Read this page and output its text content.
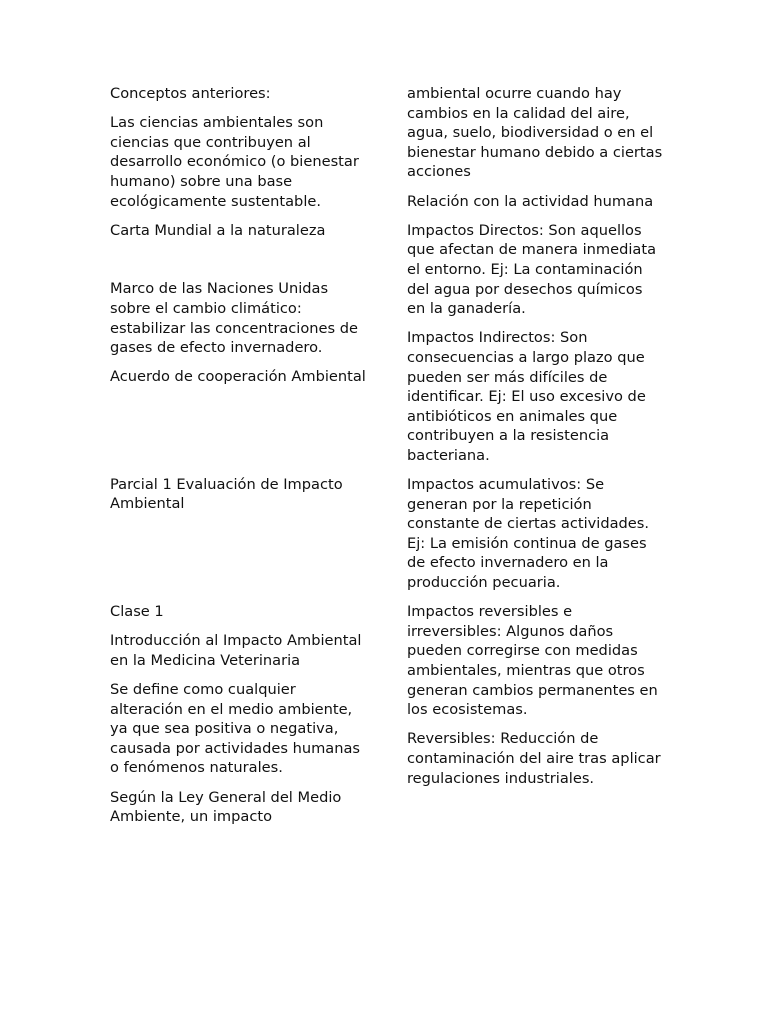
Conceptos anteriores:

Las ciencias ambientales son ciencias que contribuyen al desarrollo económico (o bienestar humano) sobre una base ecológicamente sustentable.

Carta Mundial a la naturaleza

Marco de las Naciones Unidas sobre el cambio climático: estabilizar las concentraciones de gases de efecto invernadero.

Acuerdo de cooperación Ambiental

Parcial 1 Evaluación de Impacto Ambiental

Clase 1

Introducción al Impacto Ambiental en la Medicina Veterinaria

Se define como cualquier alteración en el medio ambiente, ya que sea positiva o negativa, causada por actividades humanas o fenómenos naturales.

Según la Ley General del Medio Ambiente, un impacto

ambiental ocurre cuando hay cambios en la calidad del aire, agua, suelo, biodiversidad o en el bienestar humano debido a ciertas acciones

Relación con la actividad humana

Impactos Directos: Son aquellos que afectan de manera inmediata el entorno. Ej: La contaminación del agua por desechos químicos en la ganadería.

Impactos Indirectos: Son consecuencias a largo plazo que pueden ser más difíciles de identificar. Ej: El uso excesivo de antibióticos en animales que contribuyen a la resistencia bacteriana.

Impactos acumulativos: Se generan por la repetición constante de ciertas actividades. Ej: La emisión continua de gases de efecto invernadero en la producción pecuaria.

Impactos reversibles e irreversibles: Algunos daños pueden corregirse con medidas ambientales, mientras que otros generan cambios permanentes en los ecosistemas.

Reversibles: Reducción de contaminación del aire tras aplicar regulaciones industriales.
